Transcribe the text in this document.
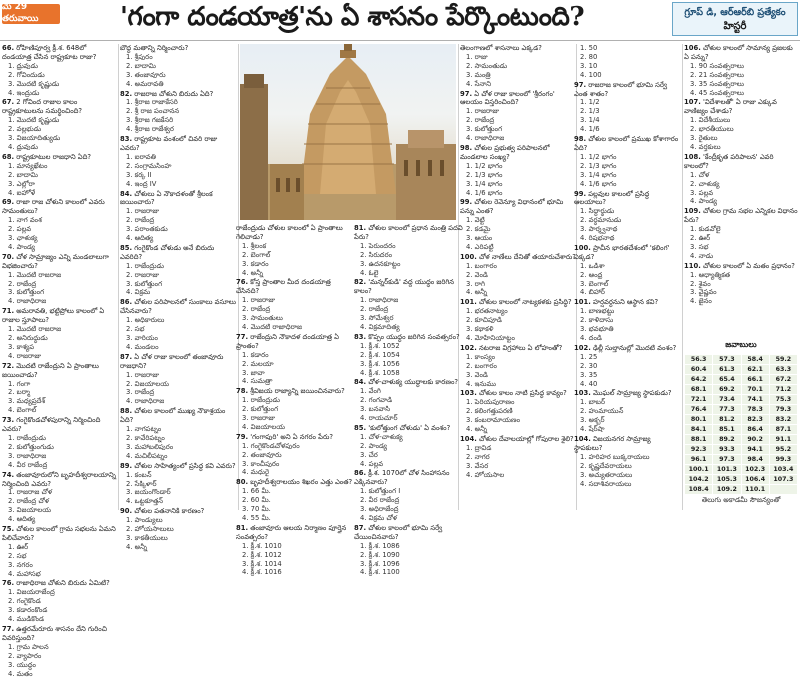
మే 29 తరువాయి	'గంగా దండయాత్ర'ను ఏ శాసనం పేర్కొంటుంది?	గ్రూప్ డి, ఆర్ఆర్‌బి ప్రత్యేకం
హిస్టరీ
66. రోహిణిపూర్వ క్రీ.శ. 648లో దండయాత్ర చేసిన రాష్ట్రకూట రాజు?
1. ధ్రువుడు
2. గోవిందుడు
3. మొదటి కృష్ణుడు
4. ఇంద్రుడు
67. 2 గోవింద రాజుల కాలం రాష్ట్రకూటులను సమర్థించింది?
1. మొదటి కృష్ణుడు
2. వల్లభుడు
3. విజయాదిత్యుడు
4. ధ్రువుడు
68. రాష్ట్రకూటుల రాజధాని ఏది?
1. మాన్యఖేటం
2. బాదామి
3. ఎల్లోరా
4. ఐహోళే
69. రాజా రాజ చోళుని కాలంలో ఎవరు సామంతులు?
1. నాగ వంశ
2. పల్లవ
3. ఛాళుక్య
4. పాండ్య
70. చోళ సామ్రాజ్యం ఎన్ని మండలాలుగా విభజించారు?
1. మొదటి రాజరాజ
2. రాజేంద్ర
3. కులోత్తుంగ
4. రాజాధిరాజ
71. అమరావతి, భట్టిప్రోలు కాలంలో ఏ రాజుల స్తూపాలు?
1. మొదటి రాజరాజ
2. అనిరుద్ధుడు
3. కాశ్యప
4. రాజరాజు
72. మొదటి రాజేంద్రుని ఏ ప్రాంతాలు జయించాడు?
1. గంగా
2. బర్మా
3. మధ్యప్రదేశ్
4. బెంగాల్
73. గంగైకొండచోళపురాన్ని నిర్మించింది ఎవరు?
1. రాజేంద్రుడు
2. కులోత్తుంగుడు
3. రాజాధిరాజ
4. వీర రాజేంద్ర
74. తంజావూరులోని బృహదీశ్వరాలయాన్ని నిర్మించింది ఎవరు?
1. రాజరాజ చోళ
2. రాజేంద్ర చోళ
3. విజయాలయ
4. ఆదిత్య
75. చోళుల కాలంలో గ్రామ సభలను ఏమని పిలిచేవారు?
1. ఊర్
2. సభ
3. నగరం
4. మహాసభ
76. రాజాధిరాజ చోళుని బిరుదు ఏమిటి?
1. విజయరాజేంద్ర
2. గంగైకొండ
3. కడారంకొండ
4. ముడికొండ
77. ఉత్తరమేరూరు శాసనం దేని గురించి వివరిస్తుంది?
1. గ్రామ పాలన
2. వ్యాపారం
3. యుద్ధం
4. మతం
బౌద్ధ మతాన్ని నిర్మించారు?
1. శ్రీపురం
2. బాదామి
3. తంజావూరు
4. అమరావతి
82. రాజరాజ చోళుని బిరుదు ఏది?
1. శ్రీరాజ రాజాకేసరి
2. శ్రీ రాజ పంచానన
3. శ్రీరాజ గజకేసరి
4. శ్రీరాజ రాజేశ్వర
83. రాష్ట్రకూట వంశంలో చివరి రాజు ఎవరు?
1. ఐరావతి
2. సంగ్రామసింహ
3. కర్క II
4. ఇంద్ర IV
84. చోళులు ఏ నౌకాదళంతో శ్రీలంక జయించారు?
1. రాజరాజు
2. రాజేంద్ర
3. పరాంతకుడు
4. ఆదిత్య
85. గంగైకొండ చోళుడు అనే బిరుదు ఎవరిది?
1. రాజేంద్రుడు
2. రాజరాజు
3. కులోత్తుంగ
4. విక్రమ
86. చోళుల పరిపాలనలో సుంకాలు వసూలు చేసినవారు?
1. అధికారులు
2. సభ
3. వారియం
4. మండలం
87. ఏ చోళ రాజు కాలంలో తంజావూరు రాజధాని?
1. రాజరాజు
2. విజయాలయ
3. రాజేంద్ర
4. రాజాధిరాజ
88. చోళుల కాలంలో ముఖ్య నౌకాశ్రయం ఏది?
1. నాగపట్నం
2. కావేరిపట్నం
3. మహాబలిపురం
4. మచిలీపట్నం
89. చోళుల సాహిత్యంలో ప్రసిద్ధ కవి ఎవరు?
1. కంబన్
2. సేక్కిళార్
3. జయంగొండార్
4. ఒట్టకూత్తన్
90. చోళుల పతనానికి కారణం?
1. పాండ్యులు
2. హోయసాలులు
3. కాకతీయులు
4. అన్నీ
రాజేంద్రుడు చోళుల కాలంలో ఏ ప్రాంతాలు గెలిచాడు?
1. శ్రీలంక
2. బెంగాల్
3. కడారం
4. అన్నీ
76. కోస్త ప్రాంతాల మీద దండయాత్ర చేసినది?
1. రాజరాజు
2. రాజేంద్ర
3. సామంతులు
4. మొదటి రాజాధిరాజ
77. రాజేంద్రుని నౌకాదళ దండయాత్ర ఏ ప్రాంతం?
1. కడారం
2. మలయా
3. జావా
4. సుమత్రా
78. శ్రీవిజయ రాజ్యాన్ని జయించినవారు?
1. రాజేంద్రుడు
2. కులోత్తుంగ
3. రాజరాజు
4. విజయాలయ
79. 'గంగాపురి' అని ఏ నగరం పేరు?
1. గంగైకొండచోళపురం
2. తంజావూరు
3. కాంచీపురం
4. మధురై
80. బృహదీశ్వరాలయం శిఖరం ఎత్తు ఎంత?
1. 66 మీ.
2. 60 మీ.
3. 70 మీ.
4. 55 మీ.
81. తంజావూరు ఆలయ నిర్మాణం పూర్తైన సంవత్సరం?
1. క్రీ.శ. 1010
2. క్రీ.శ. 1012
3. క్రీ.శ. 1014
4. క్రీ.శ. 1016
81. చోళుల కాలంలో ప్రధాన మంత్రి పదవి పేరు?
1. పెరుందరం
2. సిరుదరం
3. ఉదనకూట్టం
4. ఓలై
82. 'మన్నర్‌కుడి' వద్ద యుద్ధం జరిగిన కాలం?
1. రాజాధిరాజ
2. రాజేంద్ర
3. సోమేశ్వర
4. విక్రమాదిత్య
83. కొప్పం యుద్ధం జరిగిన సంవత్సరం?
1. క్రీ.శ. 1052
2. క్రీ.శ. 1054
3. క్రీ.శ. 1056
4. క్రీ.శ. 1058
84. చోళ-చాళుక్య యుద్ధాలకు కారణం?
1. వేంగి
2. గంగవాడి
3. బనవాసి
4. రాయచూర్
85. 'కులోత్తుంగ చోళుడు' ఏ వంశం?
1. చోళ-చాళుక్య
2. పాండ్య
3. చేర
4. పల్లవ
86. క్రీ.శ. 1070లో చోళ సింహాసనం ఎక్కినవారు?
1. కులోత్తుంగ I
2. వీర రాజేంద్ర
3. అధిరాజేంద్ర
4. విక్రమ చోళ
87. చోళుల కాలంలో భూమి సర్వే చేయించినవారు?
1. క్రీ.శ. 1086
2. క్రీ.శ. 1090
3. క్రీ.శ. 1096
4. క్రీ.శ. 1100
తెలంగాణలో శాసనాలు ఎక్కడ?
1. రాజు
2. సామంతుడు
3. మంత్రి
4. సేనాని
97. ఏ చోళ రాజు కాలంలో 'శ్రీరంగం' ఆలయం విస్తరించింది?
1. రాజరాజు
2. రాజేంద్ర
3. కులోత్తుంగ
4. రాజాధిరాజ
98. చోళుల ప్రభుత్వ పరిపాలనలో మండలాల సంఖ్య?
1. 1/2 భాగం
2. 1/3 భాగం
3. 1/4 భాగం
4. 1/6 భాగం
99. చోళుల రెవెన్యూ విధానంలో భూమి పన్ను ఎంత?
1. వెట్టి
2. కడమై
3. ఆయం
4. ఎరిపట్టి
100. చోళ నాణేలు దేనితో తయారుచేశారు?
1. బంగారం
2. వెండి
3. రాగి
4. అన్నీ
101. చోళుల కాలంలో నాట్యకళకు ప్రసిద్ధి?
1. భరతనాట్యం
2. కూచిపూడి
3. కథాకళి
4. మోహినియాట్టం
102. నటరాజ విగ్రహాలు ఏ లోహంతో?
1. కాంస్యం
2. బంగారం
3. వెండి
4. ఇనుము
103. చోళుల కాలం నాటి ప్రసిద్ధ కావ్యం?
1. పెరియపురాణం
2. కలింగత్తుపరణి
3. కంబరామాయణం
4. అన్నీ
104. చోళుల దేవాలయాల్లో గోపురాల శైలి?
1. ద్రావిడ
2. నాగర
3. వేసర
4. హోయసాల
1. 50
2. 80
3. 10
4. 100
97. రాజరాజ కాలంలో భూమి సర్వే ఎంత శాతం?
1. 1/2
2. 1/3
3. 1/4
4. 1/6
98. చోళుల కాలంలో ప్రముఖ కోశాగారం ఏది?
1. 1/2 భాగం
2. 1/3 భాగం
3. 1/4 భాగం
4. 1/6 భాగం
99. పల్లవుల కాలంలో ప్రసిద్ధ ఆలయాలు?
1. సిద్ధార్థుడు
2. వర్ధమానుడు
3. పార్శ్వనాథ
4. రిషభనాథ
100. ప్రాచీన భారతదేశంలో 'కలింగ' ఎక్కడ?
1. ఒడిశా
2. ఆంధ్ర
3. బెంగాల్
4. బిహార్
101. హర్షవర్ధనుని ఆస్థాన కవి?
1. బాణభట్టు
2. కాళిదాసు
3. భవభూతి
4. దండి
102. ఢిల్లీ సుల్తానుల్లో మొదటి వంశం?
1. 25
2. 30
3. 35
4. 40
103. మొఘల్ సామ్రాజ్య స్థాపకుడు?
1. బాబర్
2. హుమాయున్
3. అక్బర్
4. షేర్‌షా
104. విజయనగర సామ్రాజ్య స్థాపకులు?
1. హరిహర బుక్కరాయలు
2. కృష్ణదేవరాయలు
3. అచ్యుతరాయలు
4. సదాశివరాయలు
106. చోళుల కాలంలో సామాన్య ప్రజలకు ఏ పన్ను?
1. 90 సంవత్సరాలు
2. 21 సంవత్సరాలు
3. 35 సంవత్సరాలు
4. 45 సంవత్సరాలు
107. 'విదేశాలతో' ఏ రాజు ఎక్కువ వాణిజ్యం చేశాడు?
1. విదేశీయులు
2. భారతీయులు
3. రైతులు
4. వర్తకులు
108. 'కేంద్రీకృత పరిపాలన' ఎవరి కాలంలో?
1. చోళ
2. చాళుక్య
3. పల్లవ
4. పాండ్య
109. చోళుల గ్రామ సభల ఎన్నికల విధానం పేరు?
1. కుడవోలై
2. ఊర్
3. సభ
4. నాడు
110. చోళుల కాలంలో ఏ మతం ప్రధానం?
1. ఆధ్యాత్మికత
2. శైవం
3. వైష్ణవం
4. జైనం
జవాబులు
56.3	57.3	58.4	59.2
60.4	61.3	62.1	63.3
64.2	65.4	66.1	67.2
68.1	69.2	70.1	71.2
72.1	73.4	74.1	75.3
76.4	77.3	78.3	79.3
80.1	81.2	82.3	83.2
84.1	85.1	86.4	87.1
88.1	89.2	90.2	91.1
92.3	93.3	94.1	95.2
96.1	97.3	98.4	99.3
100.1	101.3	102.3	103.4
104.2	105.3	106.4	107.3
108.4	109.2	110.1	
తెలుగు అకాడమీ సౌజన్యంతో
